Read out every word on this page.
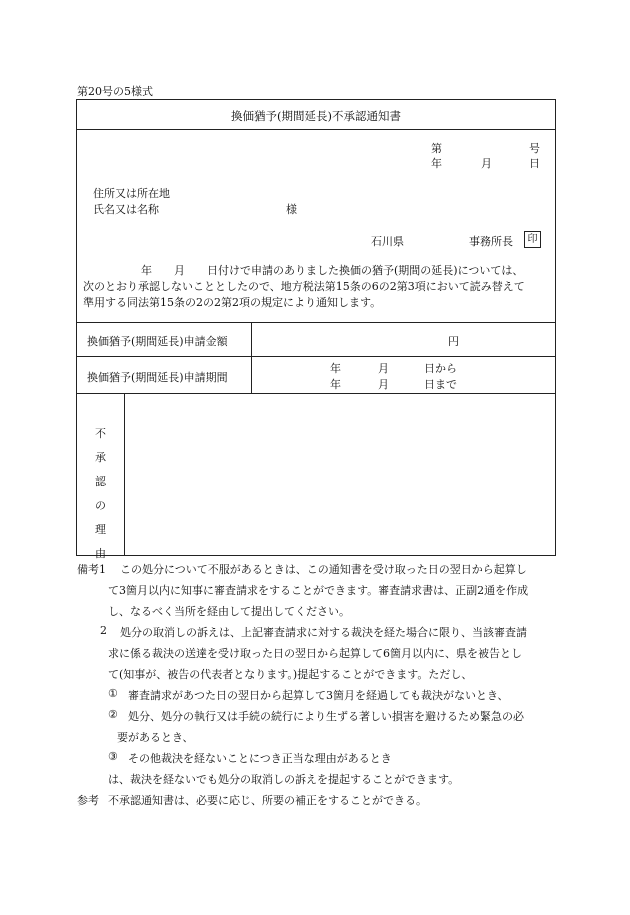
第20号の5様式
換価猶予(期間延長)不承認通知書
第	号
年	月	日
住所又は所在地
氏名又は名称	様
石川県	事務所長	印
年　　月　　日付けで申請のありました換価の猶予(期間の延長)については、
次のとおり承認しないこととしたので、地方税法第15条の6の2第3項において読み替えて
準用する同法第15条の2の2第2項の規定により通知します。
換価猶予(期間延長)申請金額	円
換価猶予(期間延長)申請期間
年	月	日から
年	月	日まで
不
承
認
の
理
由
備考1 この処分について不服があるときは、この通知書を受け取った日の翌日から起算し
て3箇月以内に知事に審査請求をすることができます。審査請求書は、正副2通を作成
し、なるべく当所を経由して提出してください。
2 処分の取消しの訴えは、上記審査請求に対する裁決を経た場合に限り、当該審査請
求に係る裁決の送達を受け取った日の翌日から起算して6箇月以内に、県を被告とし
て(知事が、被告の代表者となります。)提起することができます。ただし、
① 審査請求があつた日の翌日から起算して3箇月を経過しても裁決がないとき、
② 処分、処分の執行又は手続の続行により生ずる著しい損害を避けるため緊急の必
要があるとき、
③ その他裁決を経ないことにつき正当な理由があるとき
は、裁決を経ないでも処分の取消しの訴えを提起することができます。
参考 不承認通知書は、必要に応じ、所要の補正をすることができる。
